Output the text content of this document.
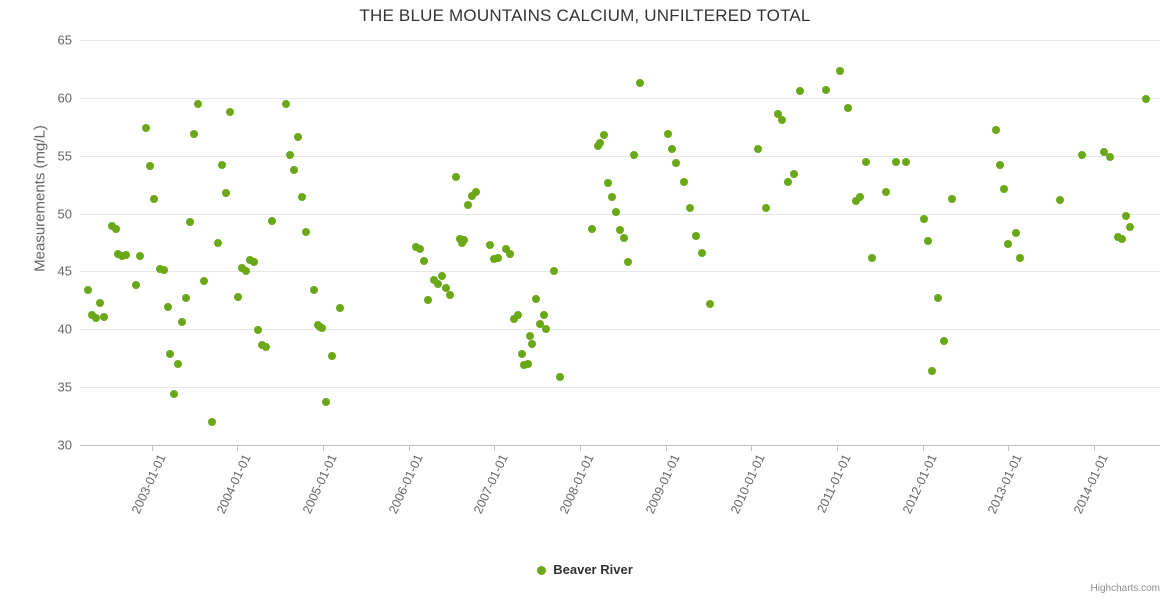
THE BLUE MOUNTAINS CALCIUM, UNFILTERED TOTAL
Measurements (mg/L)
30
35
40
45
50
55
60
65
2003-01-01	2004-01-01	2005-01-01	2006-01-01	2007-01-01	2008-01-01	2009-01-01	2010-01-01	2011-01-01	2012-01-01	2013-01-01	2014-01-01
Beaver River
Highcharts.com
